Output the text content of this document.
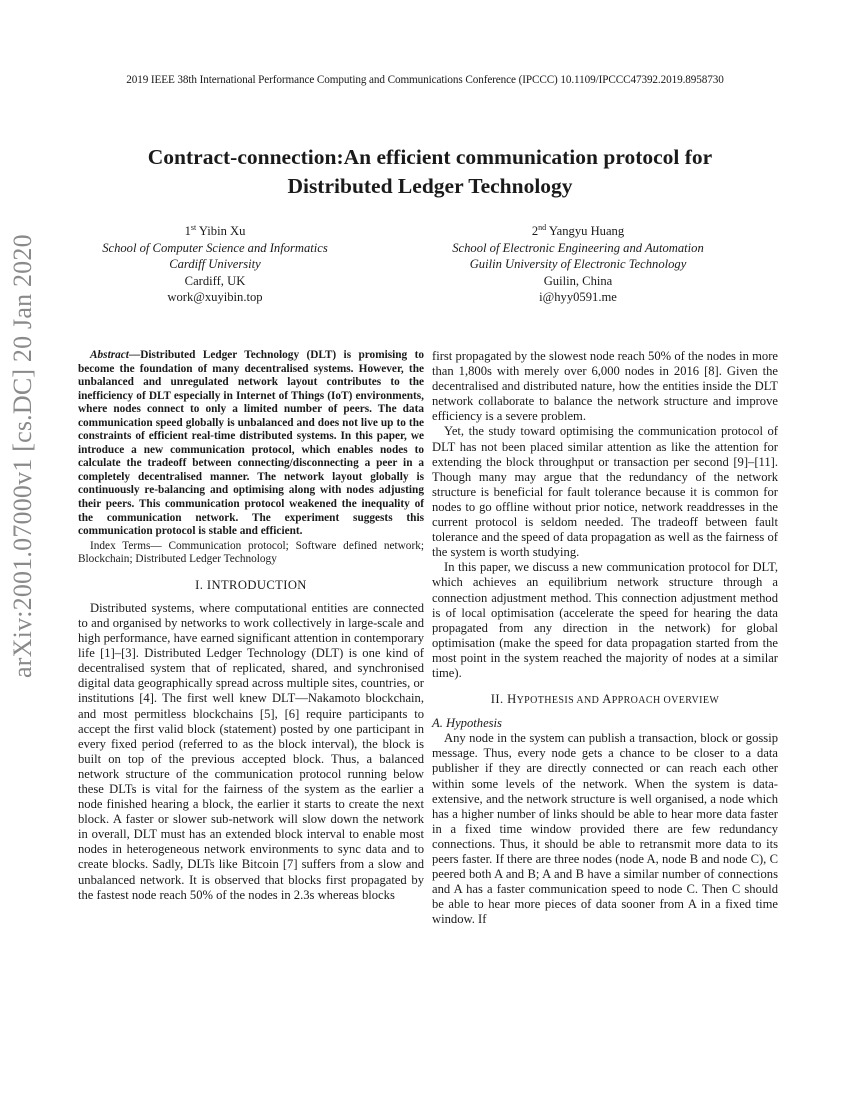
2019 IEEE 38th International Performance Computing and Communications Conference (IPCCC) 10.1109/IPCCC47392.2019.8958730
arXiv:2001.07000v1 [cs.DC] 20 Jan 2020
Contract-connection:An efficient communication protocol for
Distributed Ledger Technology
1st Yibin Xu
School of Computer Science and Informatics
Cardiff University
Cardiff, UK
work@xuyibin.top
2nd Yangyu Huang
School of Electronic Engineering and Automation
Guilin University of Electronic Technology
Guilin, China
i@hyy0591.me

Abstract—Distributed Ledger Technology (DLT) is promising to become the foundation of many decentralised systems. However, the unbalanced and unregulated network layout contributes to the inefficiency of DLT especially in Internet of Things (IoT) environments, where nodes connect to only a limited number of peers. The data communication speed globally is unbalanced and does not live up to the constraints of efficient real-time distributed systems. In this paper, we introduce a new communication protocol, which enables nodes to calculate the tradeoff between connecting/disconnecting a peer in a completely decentralised manner. The network layout globally is continuously re-balancing and optimising along with nodes adjusting their peers. This communication protocol weakened the inequality of the communication network. The experiment suggests this communication protocol is stable and efficient.

Index Terms— Communication protocol; Software defined network; Blockchain; Distributed Ledger Technology

I. INTRODUCTION

Distributed systems, where computational entities are connected to and organised by networks to work collectively in large-scale and high performance, have earned significant attention in contemporary life [1]–[3]. Distributed Ledger Technology (DLT) is one kind of decentralised system that of replicated, shared, and synchronised digital data geographically spread across multiple sites, countries, or institutions [4]. The first well knew DLT—Nakamoto blockchain, and most permitless blockchains [5], [6] require participants to accept the first valid block (statement) posted by one participant in every fixed period (referred to as the block interval), the block is built on top of the previous accepted block. Thus, a balanced network structure of the communication protocol running below these DLTs is vital for the fairness of the system as the earlier a node finished hearing a block, the earlier it starts to create the next block. A faster or slower sub-network will slow down the network in overall, DLT must has an extended block interval to enable most nodes in heterogeneous network environments to sync data and to create blocks. Sadly, DLTs like Bitcoin [7] suffers from a slow and unbalanced network. It is observed that blocks first propagated by the fastest node reach 50% of the nodes in 2.3s whereas blocks

first propagated by the slowest node reach 50% of the nodes in more than 1,800s with merely over 6,000 nodes in 2016 [8]. Given the decentralised and distributed nature, how the entities inside the DLT network collaborate to balance the network structure and improve efficiency is a severe problem.

Yet, the study toward optimising the communication protocol of DLT has not been placed similar attention as like the attention for extending the block throughput or transaction per second [9]–[11]. Though many may argue that the redundancy of the network structure is beneficial for fault tolerance because it is common for nodes to go offline without prior notice, network readdresses in the current protocol is seldom needed. The tradeoff between fault tolerance and the speed of data propagation as well as the fairness of the system is worth studying.

In this paper, we discuss a new communication protocol for DLT, which achieves an equilibrium network structure through a connection adjustment method. This connection adjustment method is of local optimisation (accelerate the speed for hearing the data propagated from any direction in the network) for global optimisation (make the speed for data propagation started from the most point in the system reached the majority of nodes at a similar time).

II. HYPOTHESIS AND APPROACH OVERVIEW

A. Hypothesis

Any node in the system can publish a transaction, block or gossip message. Thus, every node gets a chance to be closer to a data publisher if they are directly connected or can reach each other within some levels of the network. When the system is data-extensive, and the network structure is well organised, a node which has a higher number of links should be able to hear more data faster in a fixed time window provided there are few redundancy connections. Thus, it should be able to retransmit more data to its peers faster. If there are three nodes (node A, node B and node C), C peered both A and B; A and B have a similar number of connections and A has a faster communication speed to node C. Then C should be able to hear more pieces of data sooner from A in a fixed time window. If
